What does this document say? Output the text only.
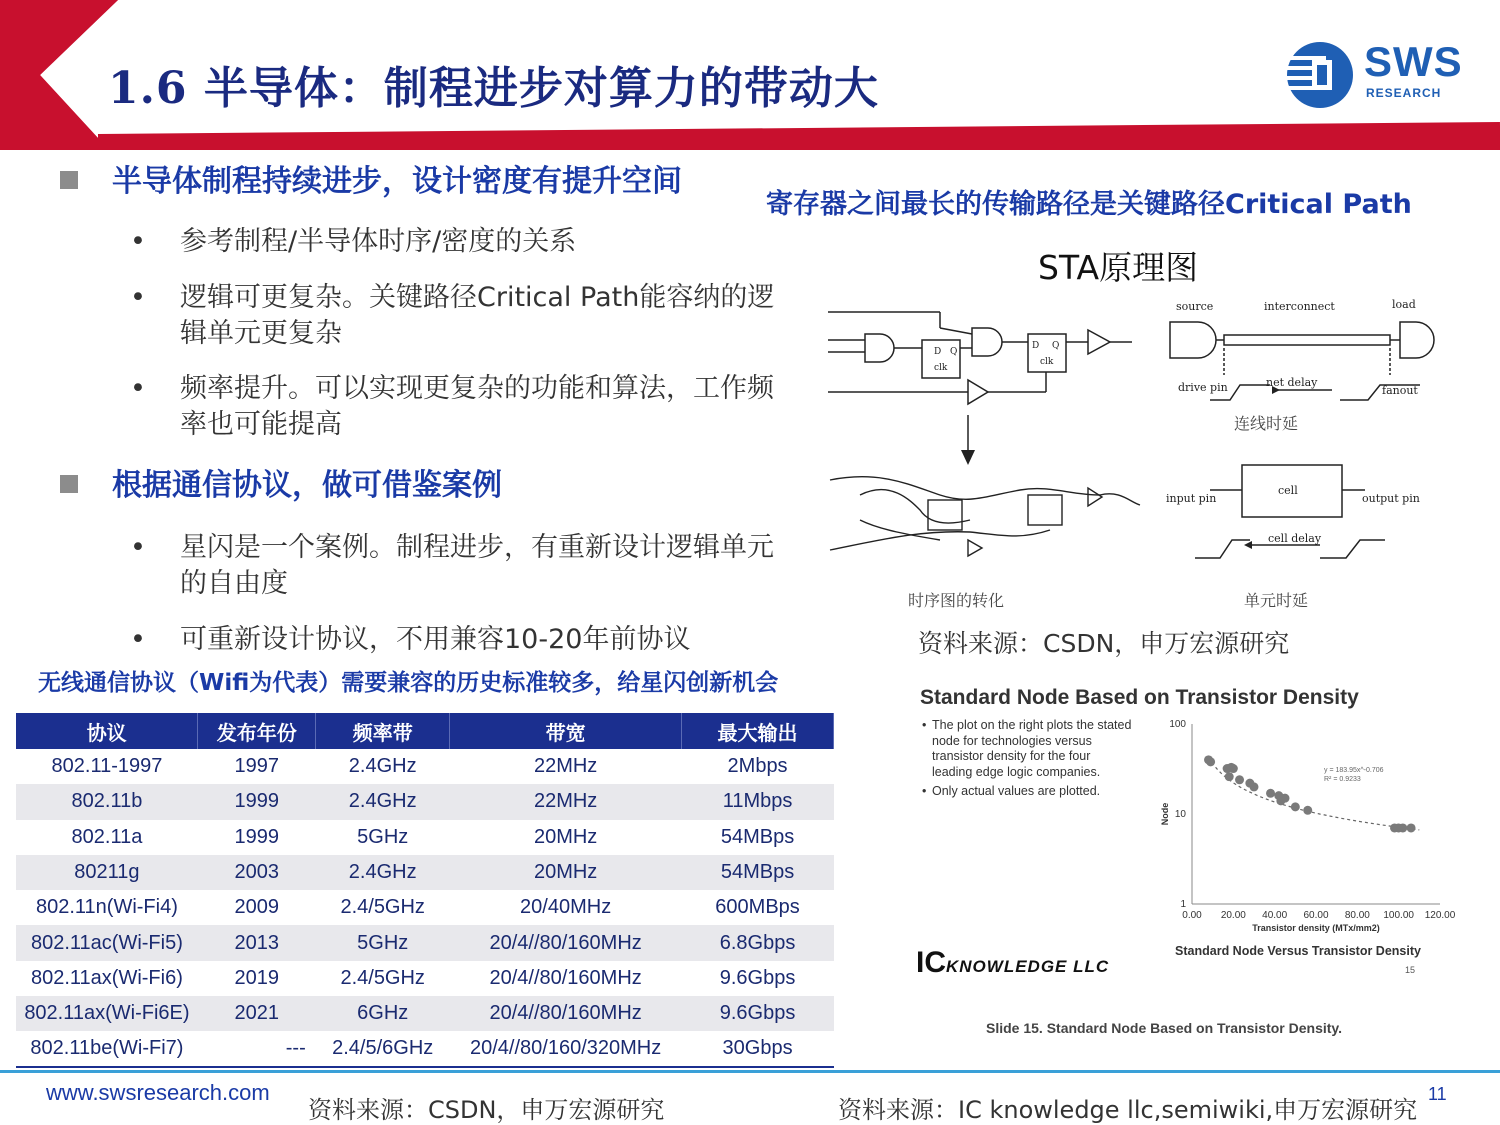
1.6 半导体：制程进步对算力的带动大
SWS
RESEARCH
半导体制程持续进步，设计密度有提升空间
• 参考制程/半导体时序/密度的关系
• 逻辑可更复杂。关键路径Critical Path能容纳的逻辑单元更复杂
• 频率提升。可以实现更复杂的功能和算法，工作频率也可能提高
根据通信协议，做可借鉴案例
• 星闪是一个案例。制程进步，有重新设计逻辑单元的自由度
• 可重新设计协议，不用兼容10-20年前协议
寄存器之间最长的传输路径是关键路径Critical Path
STA原理图
D Q
clk
D Q
clk
source	interconnect	load
drive pin	net delay
fanout
input pin
cell
output pin
cell delay
连线时延
时序图的转化	单元时延
资料来源：CSDN，申万宏源研究
无线通信协议（Wifi为代表）需要兼容的历史标准较多，给星闪创新机会
协议	发布年份	频率带	带宽	最大输出
802.11-1997	1997	2.4GHz	22MHz	2Mbps
802.11b	1999	2.4GHz	22MHz	11Mbps
802.11a	1999	5GHz	20MHz	54MBps
80211g	2003	2.4GHz	20MHz	54MBps
802.11n(Wi-Fi4)	2009	2.4/5GHz	20/40MHz	600MBps
802.11ac(Wi-Fi5)	2013	5GHz	20/4//80/160MHz	6.8Gbps
802.11ax(Wi-Fi6)	2019	2.4/5GHz	20/4//80/160MHz	9.6Gbps
802.11ax(Wi-Fi6E)	2021	6GHz	20/4//80/160MHz	9.6Gbps
802.11be(Wi-Fi7)	---	2.4/5/6GHz	20/4//80/160/320MHz	30Gbps
Standard Node Based on Transistor Density
• The plot on the right plots the stated node for technologies versus transistor density for the four leading edge logic companies.
• Only actual values are plotted.
0.00 20.00 40.00 60.00 80.00 100.00 120.00
1
10
100
Transistor density (MTx/mm2)
Node
y = 183.95x^-0.706
R² = 0.9233
Standard Node Versus Transistor Density
15
ICKNOWLEDGE LLC
Slide 15. Standard Node Based on Transistor Density.
www.swsresearch.com
资料来源：CSDN，申万宏源研究	资料来源：IC knowledge llc,semiwiki,申万宏源研究
11
